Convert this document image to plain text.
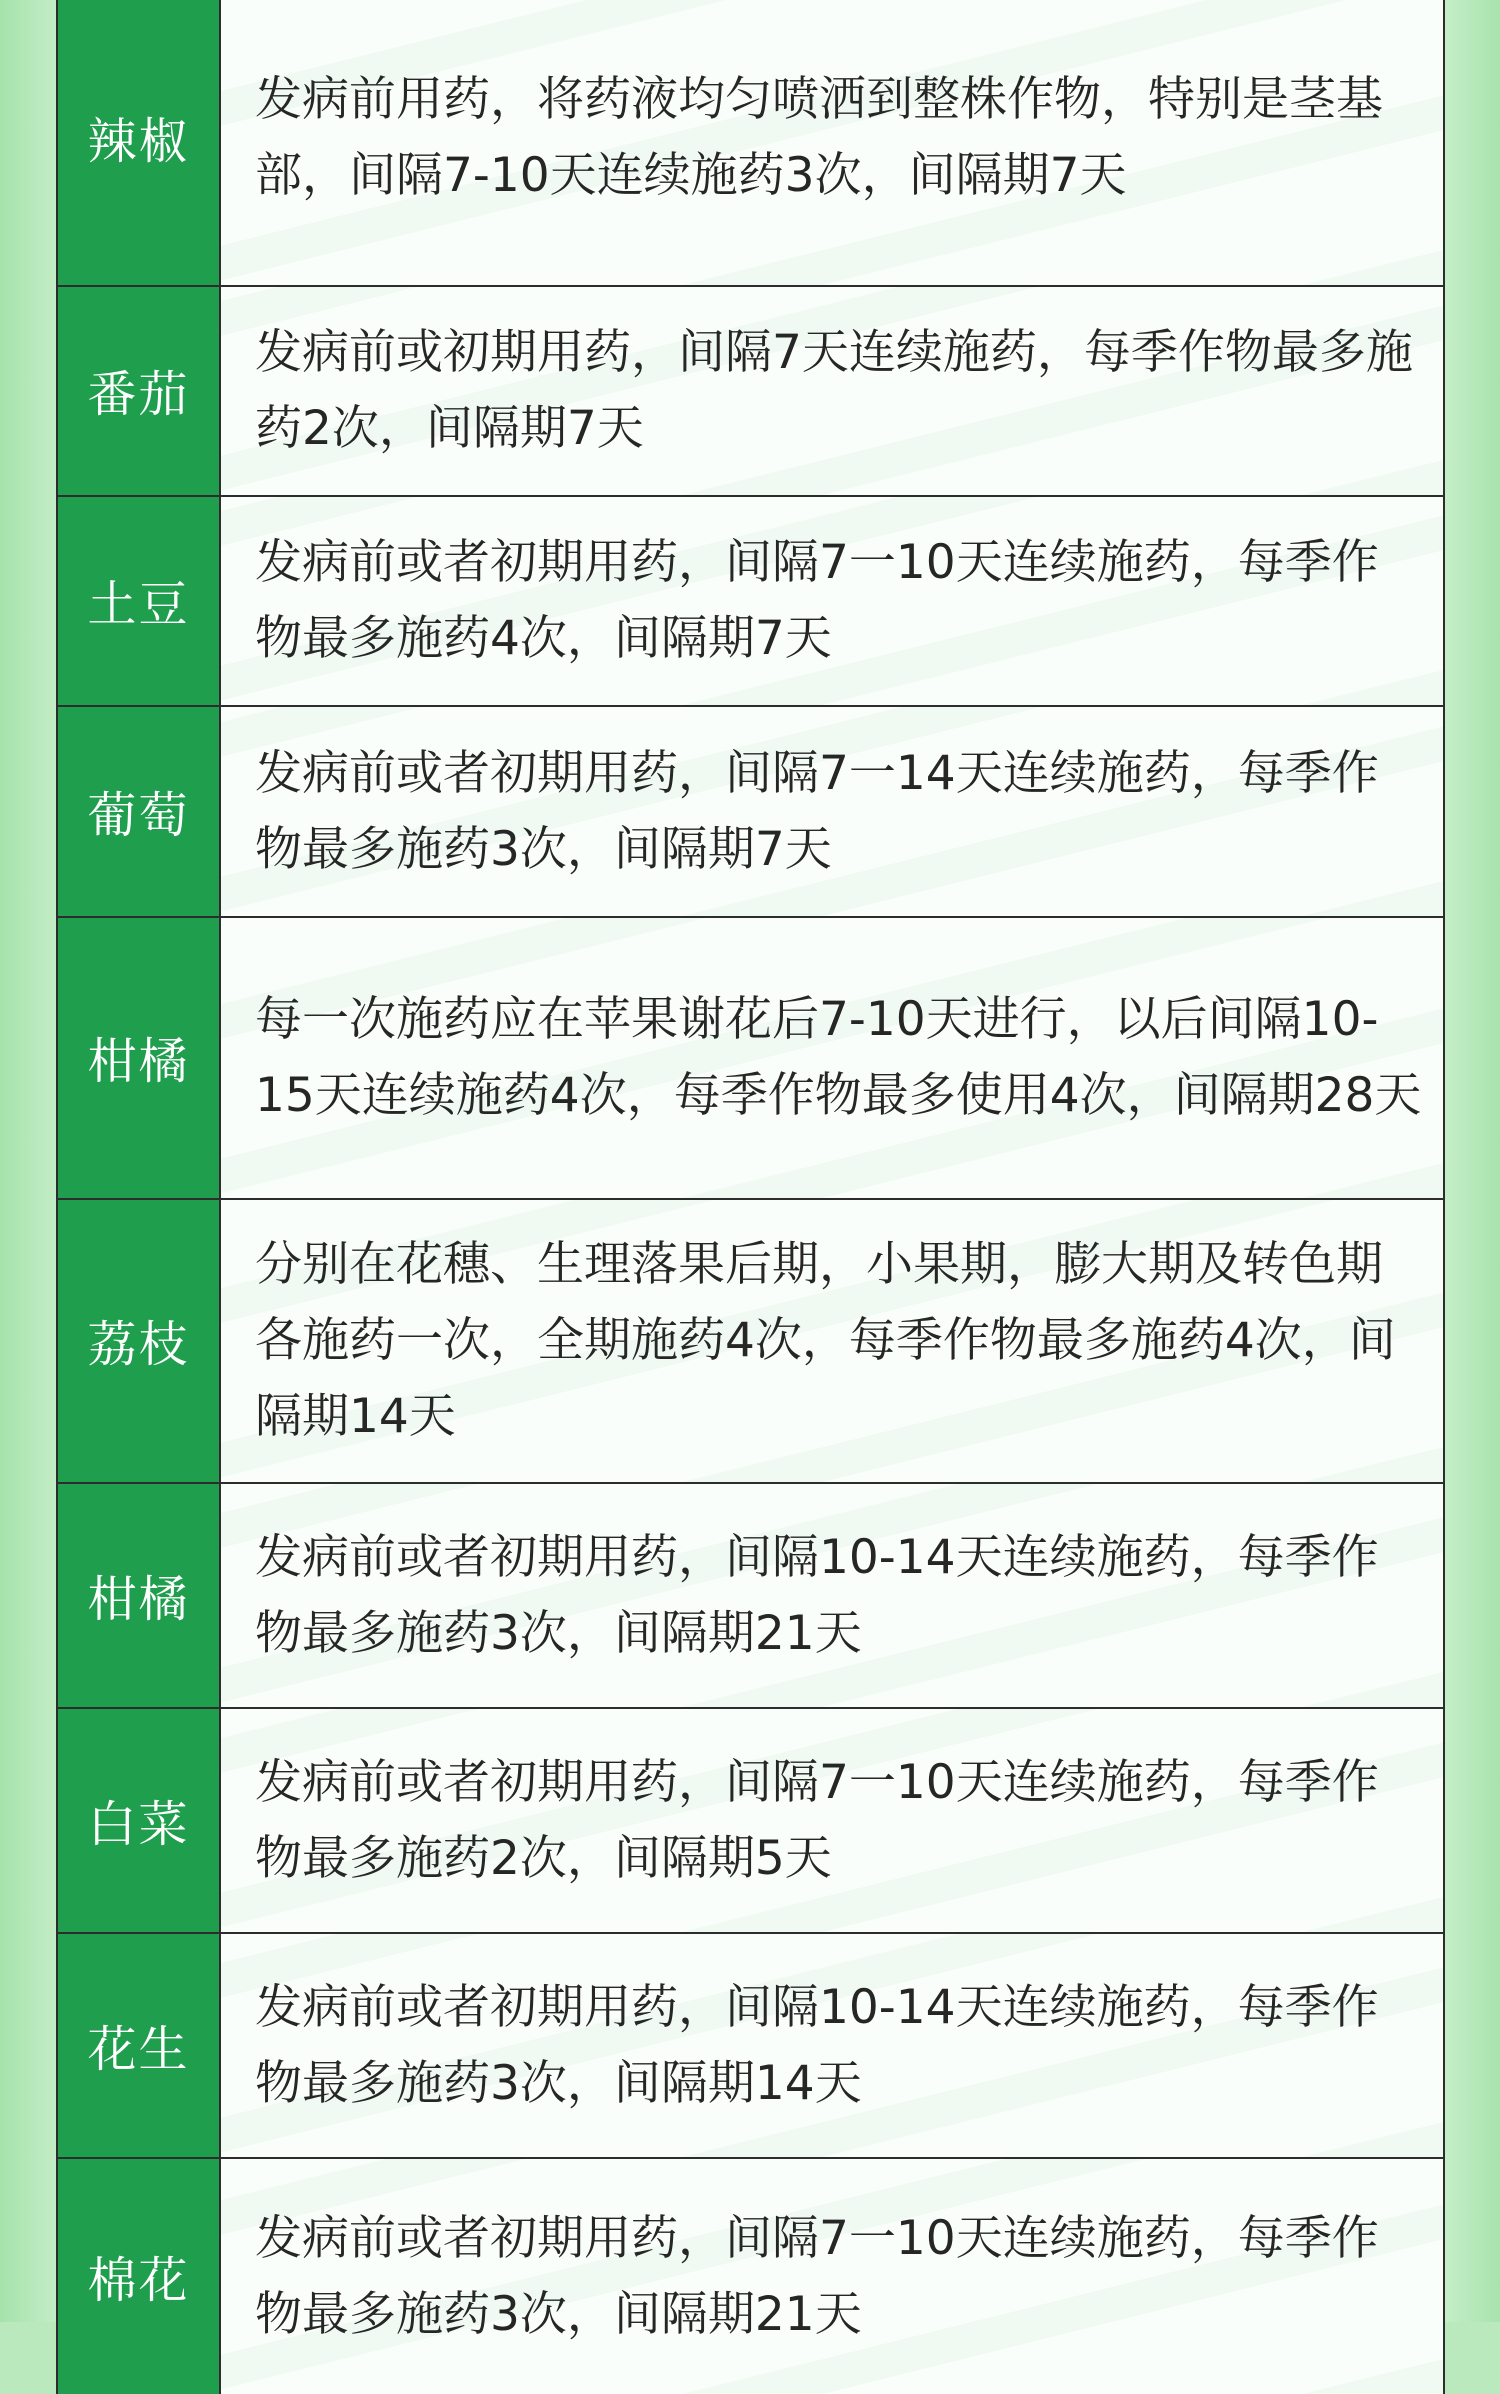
辣椒
发病前用药，将药液均匀喷洒到整株作物，特别是茎基部，间隔7-10天连续施药3次，间隔期7天
番茄
发病前或初期用药，间隔7天连续施药，每季作物最多施药2次，间隔期7天
土豆
发病前或者初期用药，间隔7一10天连续施药，每季作物最多施药4次，间隔期7天
葡萄
发病前或者初期用药，间隔7一14天连续施药，每季作物最多施药3次，间隔期7天
柑橘
每一次施药应在苹果谢花后7-10天进行，以后间隔10-15天连续施药4次，每季作物最多使用4次，间隔期28天
荔枝
分别在花穗、生理落果后期，小果期，膨大期及转色期各施药一次，全期施药4次，每季作物最多施药4次，间隔期14天
柑橘
发病前或者初期用药，间隔10-14天连续施药，每季作物最多施药3次，间隔期21天
白菜
发病前或者初期用药，间隔7一10天连续施药，每季作物最多施药2次，间隔期5天
花生
发病前或者初期用药，间隔10-14天连续施药，每季作物最多施药3次，间隔期14天
棉花
发病前或者初期用药，间隔7一10天连续施药，每季作物最多施药3次，间隔期21天
